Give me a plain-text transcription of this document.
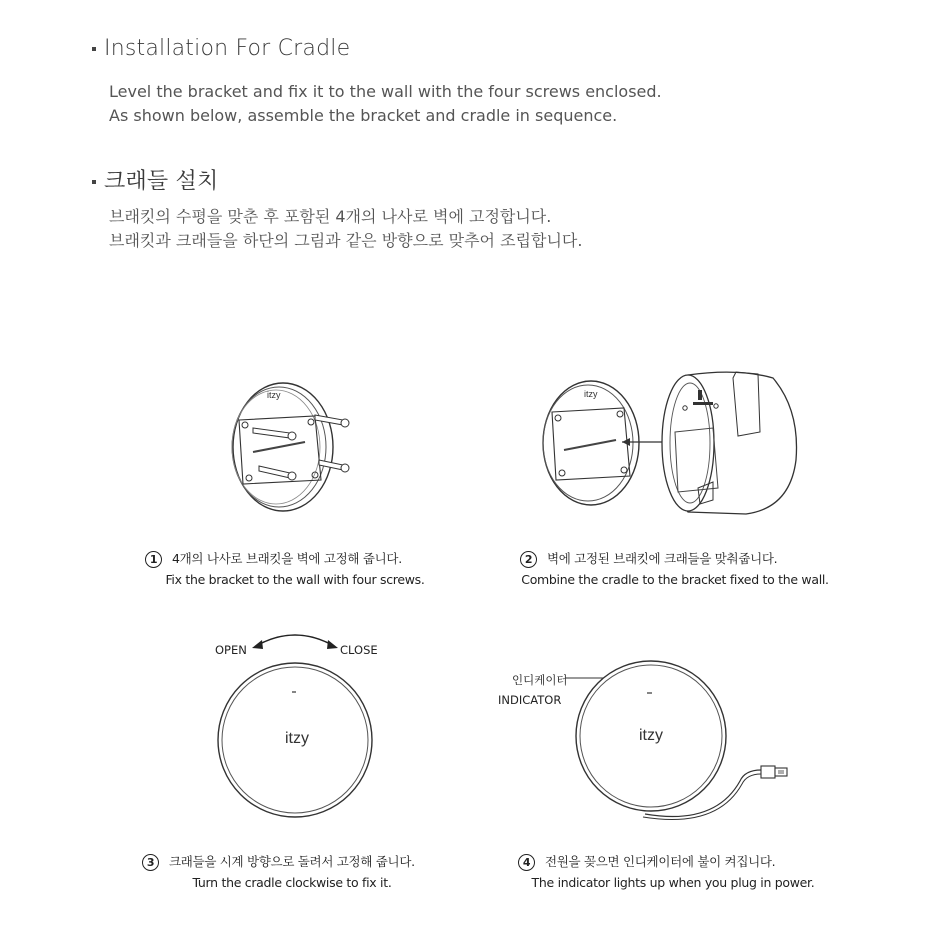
Installation For Cradle
Level the bracket and fix it to the wall with the four screws enclosed.
As shown below, assemble the bracket and cradle in sequence.
크래들 설치
브래킷의 수평을 맞춘 후 포함된 4개의 나사로 벽에 고정합니다.
브래킷과 크래들을 하단의 그림과 같은 방향으로 맞추어 조립합니다.
itzy	itzy
1 4개의 나사로 브래킷을 벽에 고정해 줍니다.
Fix the bracket to the wall with four screws.
2 벽에 고정된 브래킷에 크래들을 맞춰줍니다.
Combine the cradle to the bracket fixed to the wall.
OPEN	CLOSE
itzy
인디케이터
INDICATOR
itzy
3 크래들을 시계 방향으로 돌려서 고정해 줍니다.
Turn the cradle clockwise to fix it.
4 전원을 꽂으면 인디케이터에 불이 켜집니다.
The indicator lights up when you plug in power.
